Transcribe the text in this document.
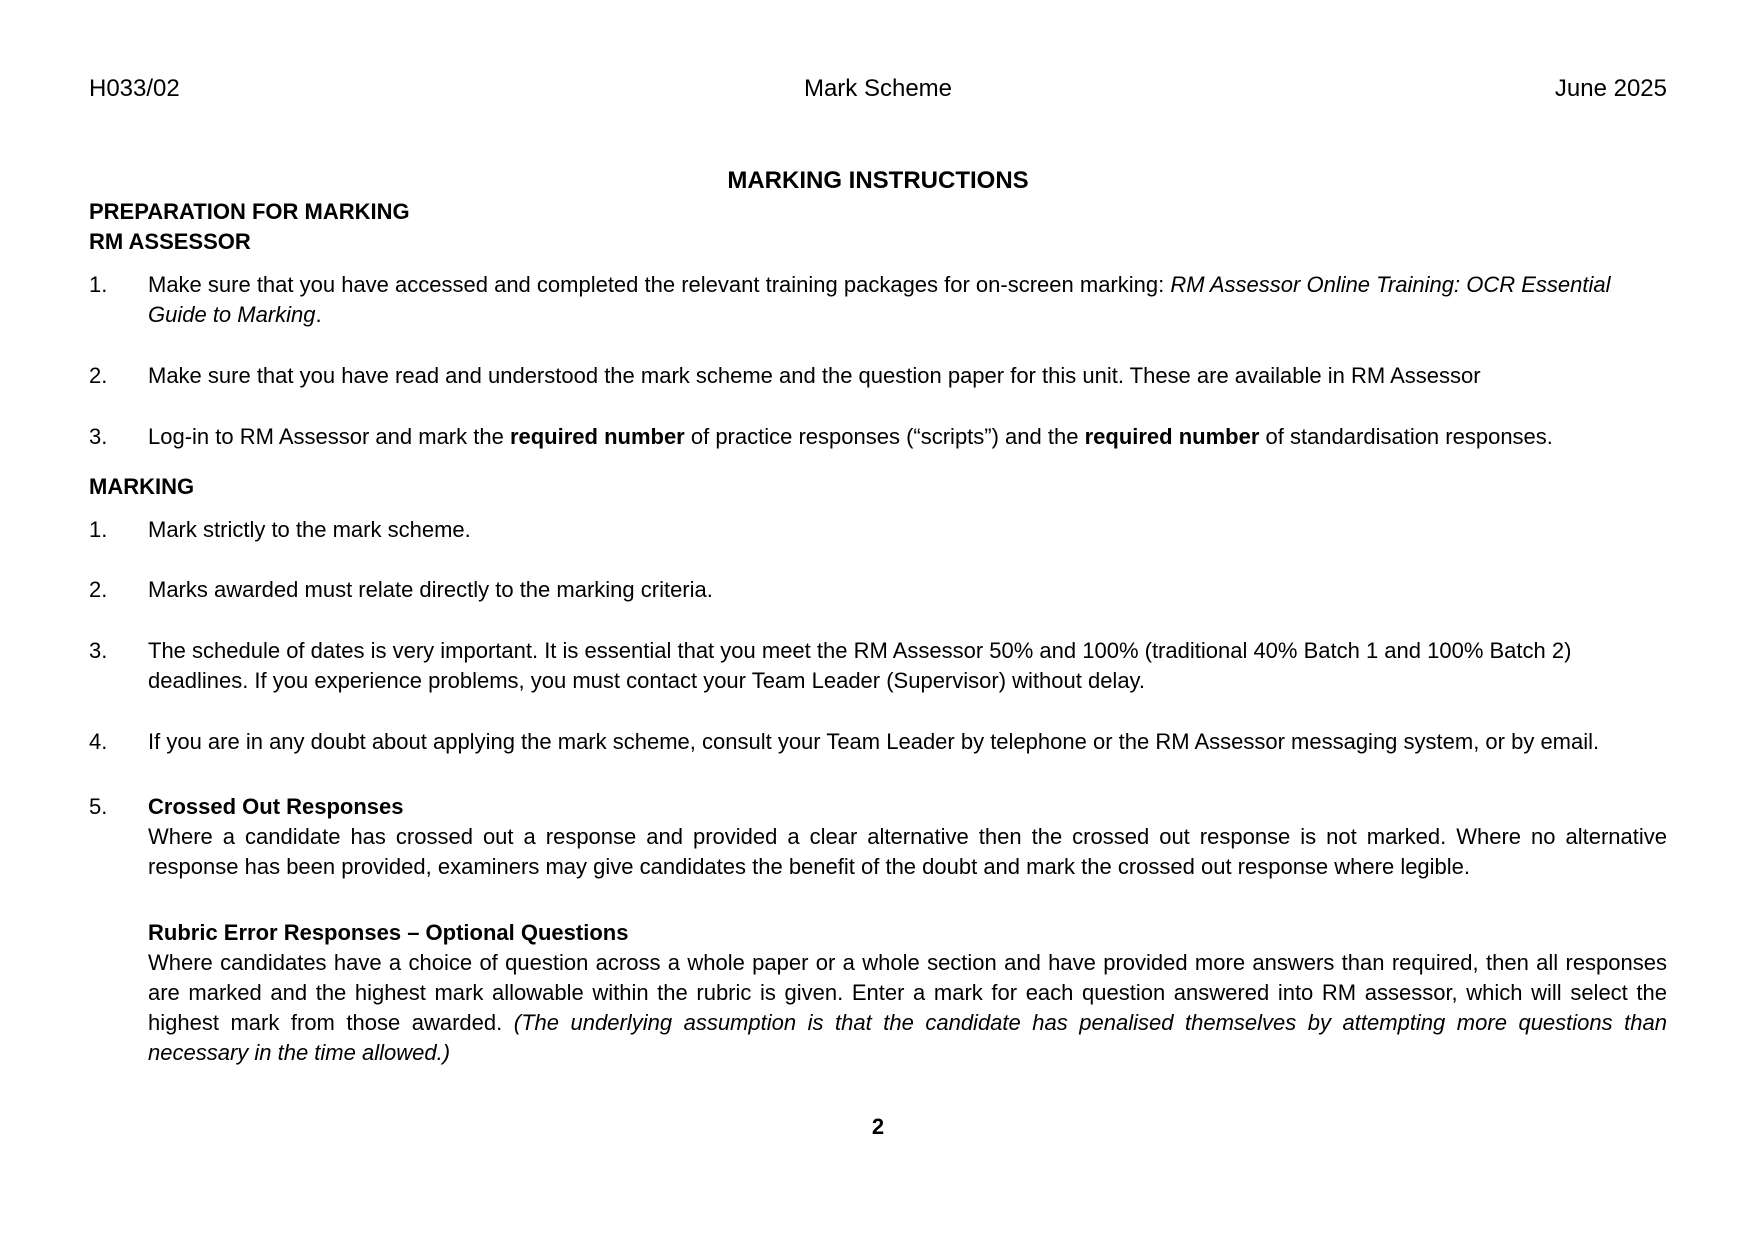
H033/02	Mark Scheme	June 2025
MARKING INSTRUCTIONS
PREPARATION FOR MARKING
RM ASSESSOR
1. Make sure that you have accessed and completed the relevant training packages for on-screen marking: RM Assessor Online Training: OCR Essential Guide to Marking.
2. Make sure that you have read and understood the mark scheme and the question paper for this unit. These are available in RM Assessor
3. Log-in to RM Assessor and mark the required number of practice responses (“scripts”) and the required number of standardisation responses.
MARKING
1. Mark strictly to the mark scheme.
2. Marks awarded must relate directly to the marking criteria.
3. The schedule of dates is very important. It is essential that you meet the RM Assessor 50% and 100% (traditional 40% Batch 1 and 100% Batch 2) deadlines. If you experience problems, you must contact your Team Leader (Supervisor) without delay.
4. If you are in any doubt about applying the mark scheme, consult your Team Leader by telephone or the RM Assessor messaging system, or by email.
5. Crossed Out Responses
Where a candidate has crossed out a response and provided a clear alternative then the crossed out response is not marked. Where no alternative response has been provided, examiners may give candidates the benefit of the doubt and mark the crossed out response where legible.
Rubric Error Responses – Optional Questions
Where candidates have a choice of question across a whole paper or a whole section and have provided more answers than required, then all responses are marked and the highest mark allowable within the rubric is given. Enter a mark for each question answered into RM assessor, which will select the highest mark from those awarded. (The underlying assumption is that the candidate has penalised themselves by attempting more questions than necessary in the time allowed.)
2
